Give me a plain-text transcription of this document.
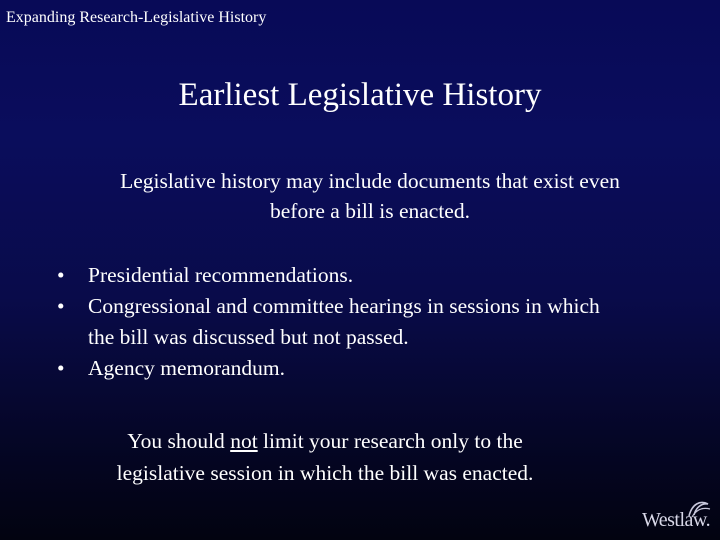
Expanding Research-Legislative History
Earliest Legislative History
Legislative history may include documents that exist even
before a bill is enacted.
• Presidential recommendations.
• Congressional and committee hearings in sessions in which
the bill was discussed but not passed.
• Agency memorandum.
You should not limit your research only to the
legislative session in which the bill was enacted.
Westlaw.
